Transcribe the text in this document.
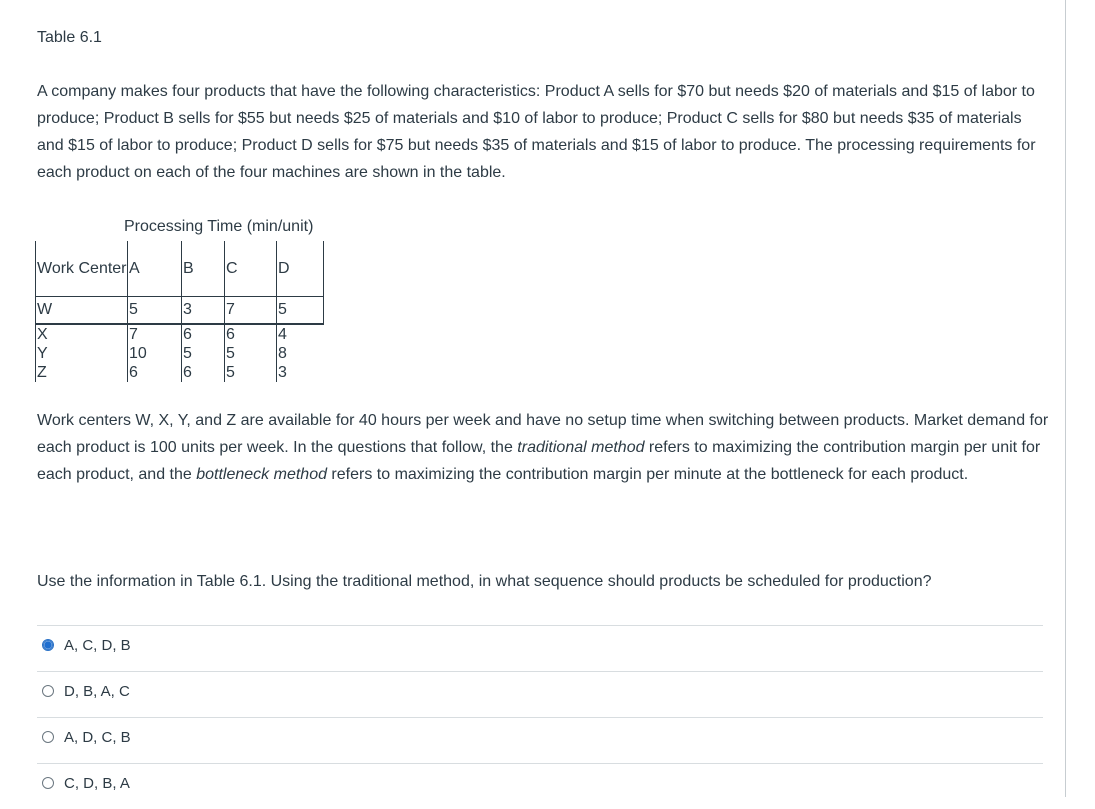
Table 6.1

A company makes four products that have the following characteristics: Product A sells for $70 but needs $20 of materials and $15 of labor to produce; Product B sells for $55 but needs $25 of materials and $10 of labor to produce; Product C sells for $80 but needs $35 of materials and $15 of labor to produce; Product D sells for $75 but needs $35 of materials and $15 of labor to produce. The processing requirements for each product on each of the four machines are shown in the table.

Processing Time (min/unit)
Work Center	A	B	C	D
W	5	3	7	5
X	7	6	6	4
Y	10	5	5	8
Z	6	6	5	3

Work centers W, X, Y, and Z are available for 40 hours per week and have no setup time when switching between products. Market demand for each product is 100 units per week. In the questions that follow, the traditional method refers to maximizing the contribution margin per unit for each product, and the bottleneck method refers to maximizing the contribution margin per minute at the bottleneck for each product.

Use the information in Table 6.1. Using the traditional method, in what sequence should products be scheduled for production?
A, C, D, B
D, B, A, C
A, D, C, B
C, D, B, A
